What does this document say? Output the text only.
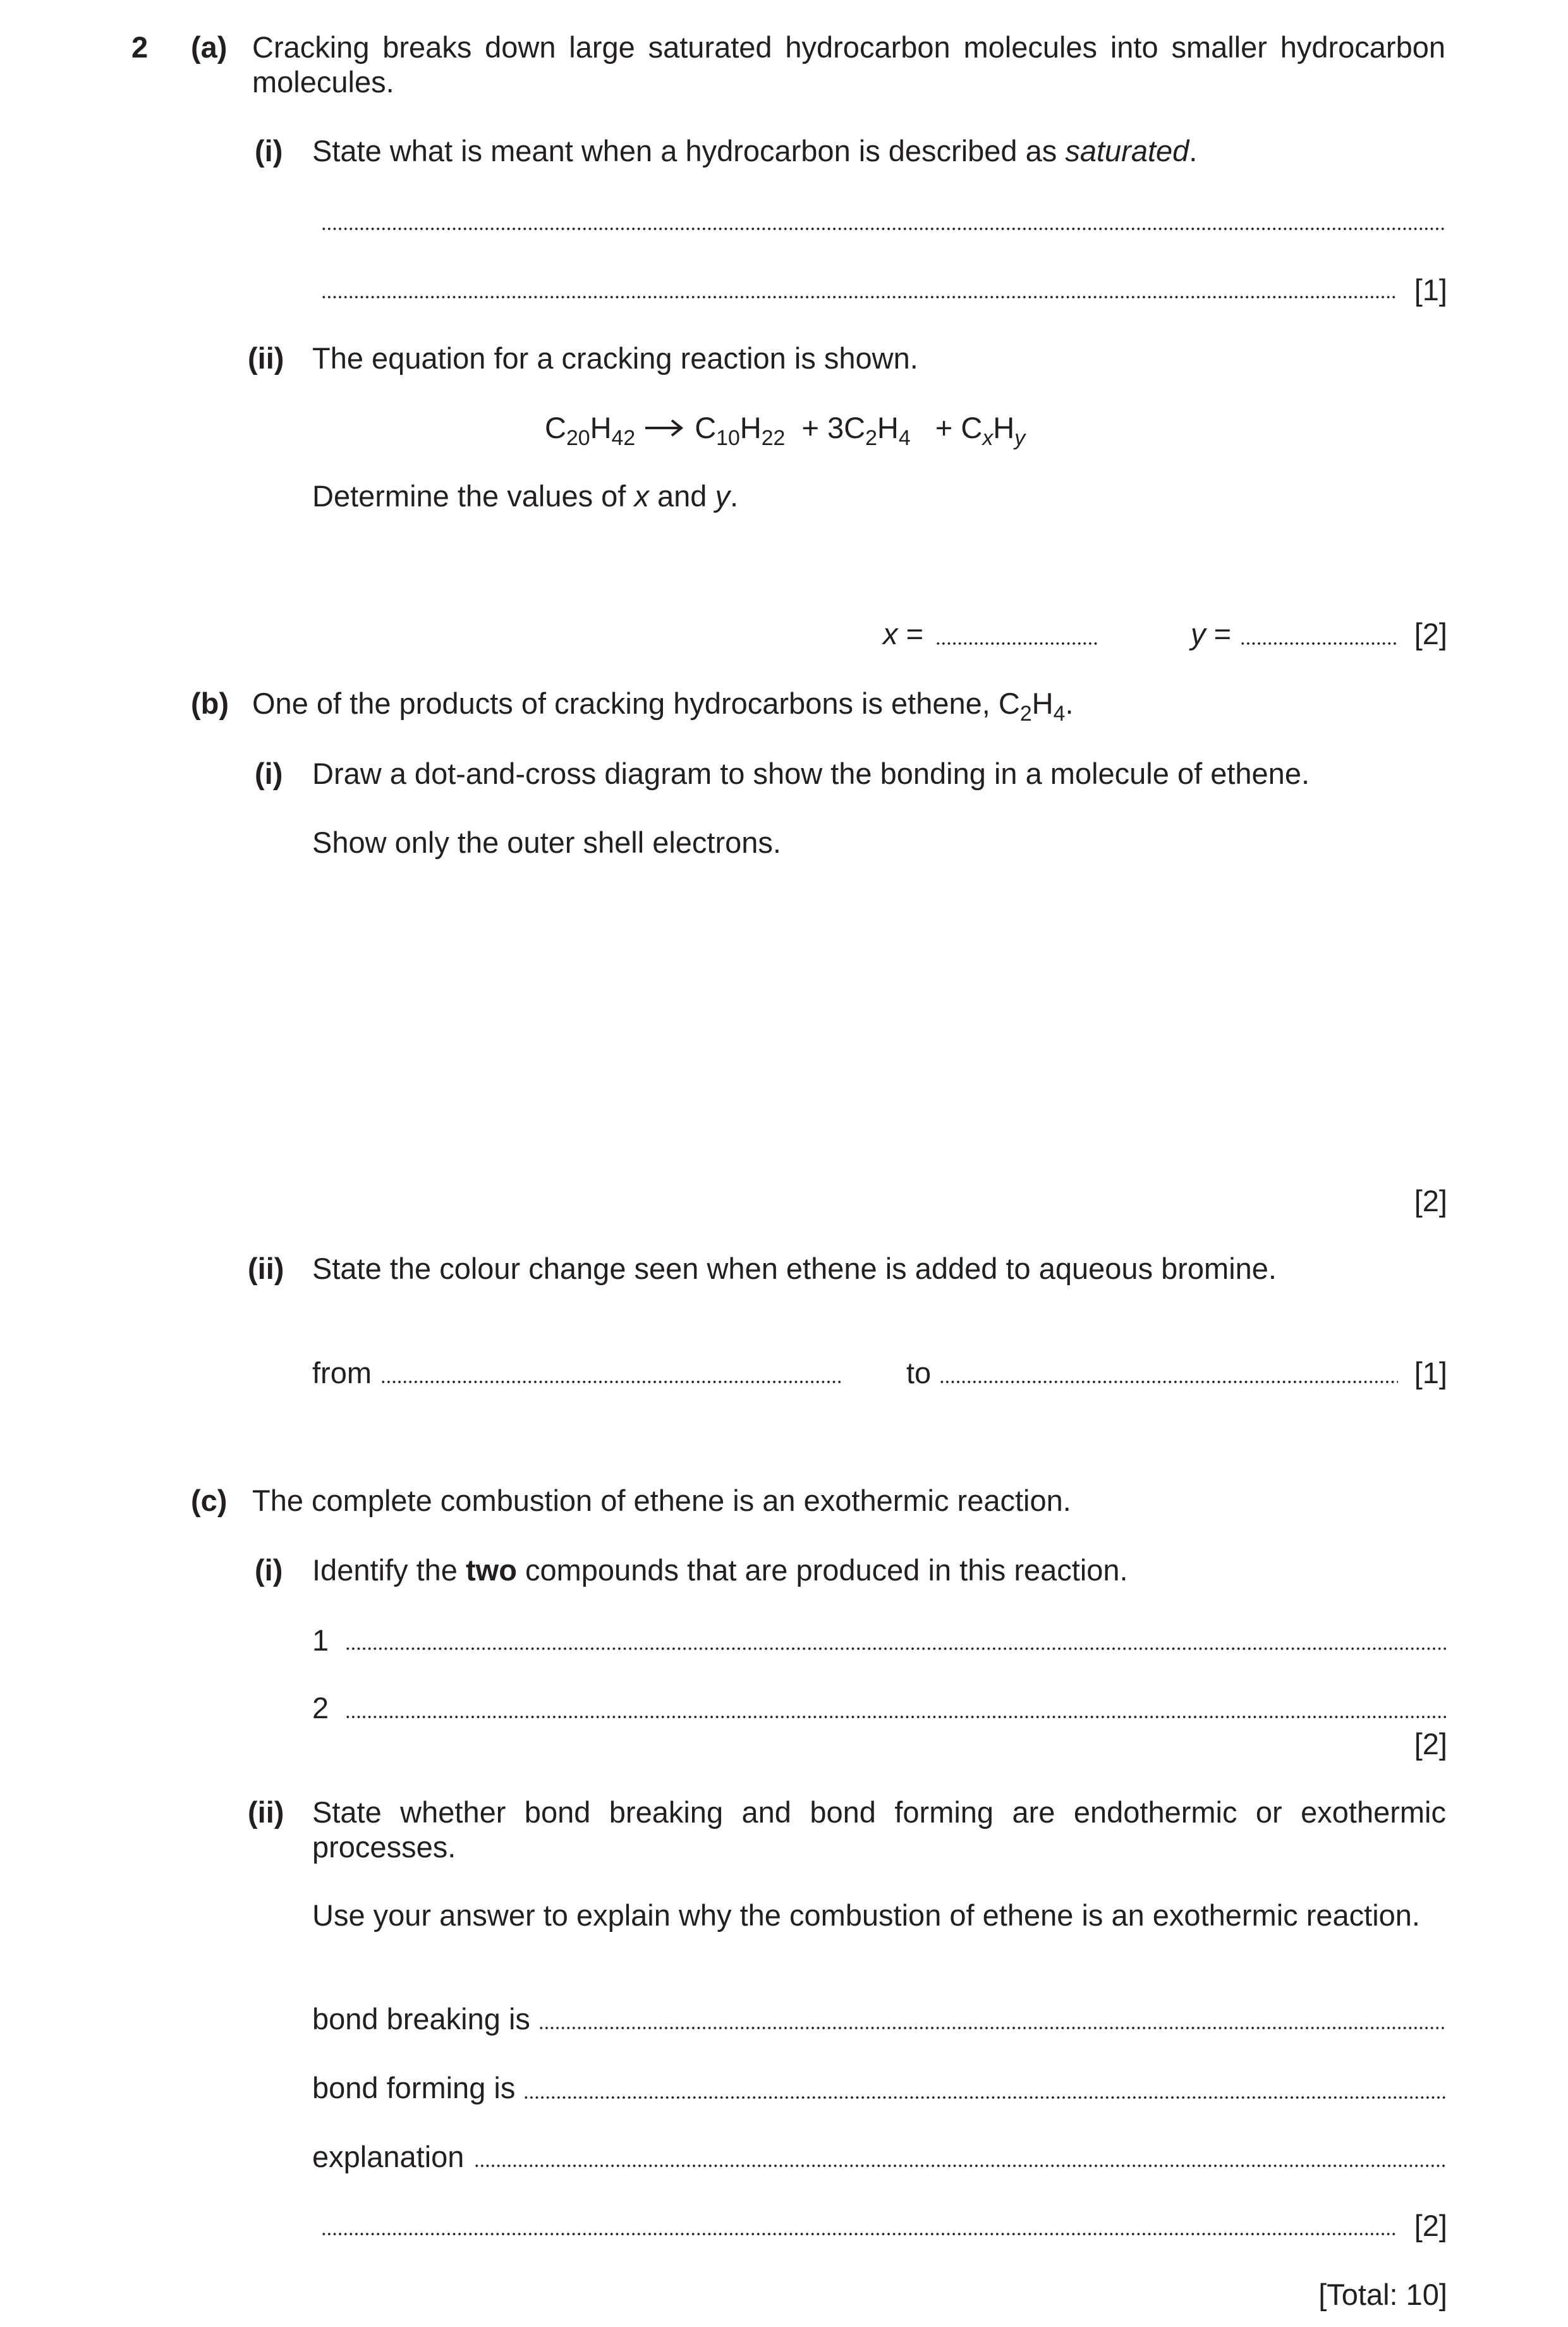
2 (a) Cracking breaks down large saturated hydrocarbon molecules into smaller hydrocarbon
molecules.
(i) State what is meant when a hydrocarbon is described as saturated.
[1]
(ii) The equation for a cracking reaction is shown.
$C_{20}H_{42} \to C_{10}H_{22} + 3C_2H_4 + C_xH_y$
Determine the values of x and y.
x =	y =	[2]
(b) One of the products of cracking hydrocarbons is ethene, $C_2H_4$.
(i) Draw a dot-and-cross diagram to show the bonding in a molecule of ethene.
Show only the outer shell electrons.
[2]
(ii) State the colour change seen when ethene is added to aqueous bromine.
from	to	[1]
(c) The complete combustion of ethene is an exothermic reaction.
(i) Identify the two compounds that are produced in this reaction.
1
2
[2]
(ii) State whether bond breaking and bond forming are endothermic or exothermic
processes.
Use your answer to explain why the combustion of ethene is an exothermic reaction.
bond breaking is
bond forming is
explanation
[2]
[Total: 10]
